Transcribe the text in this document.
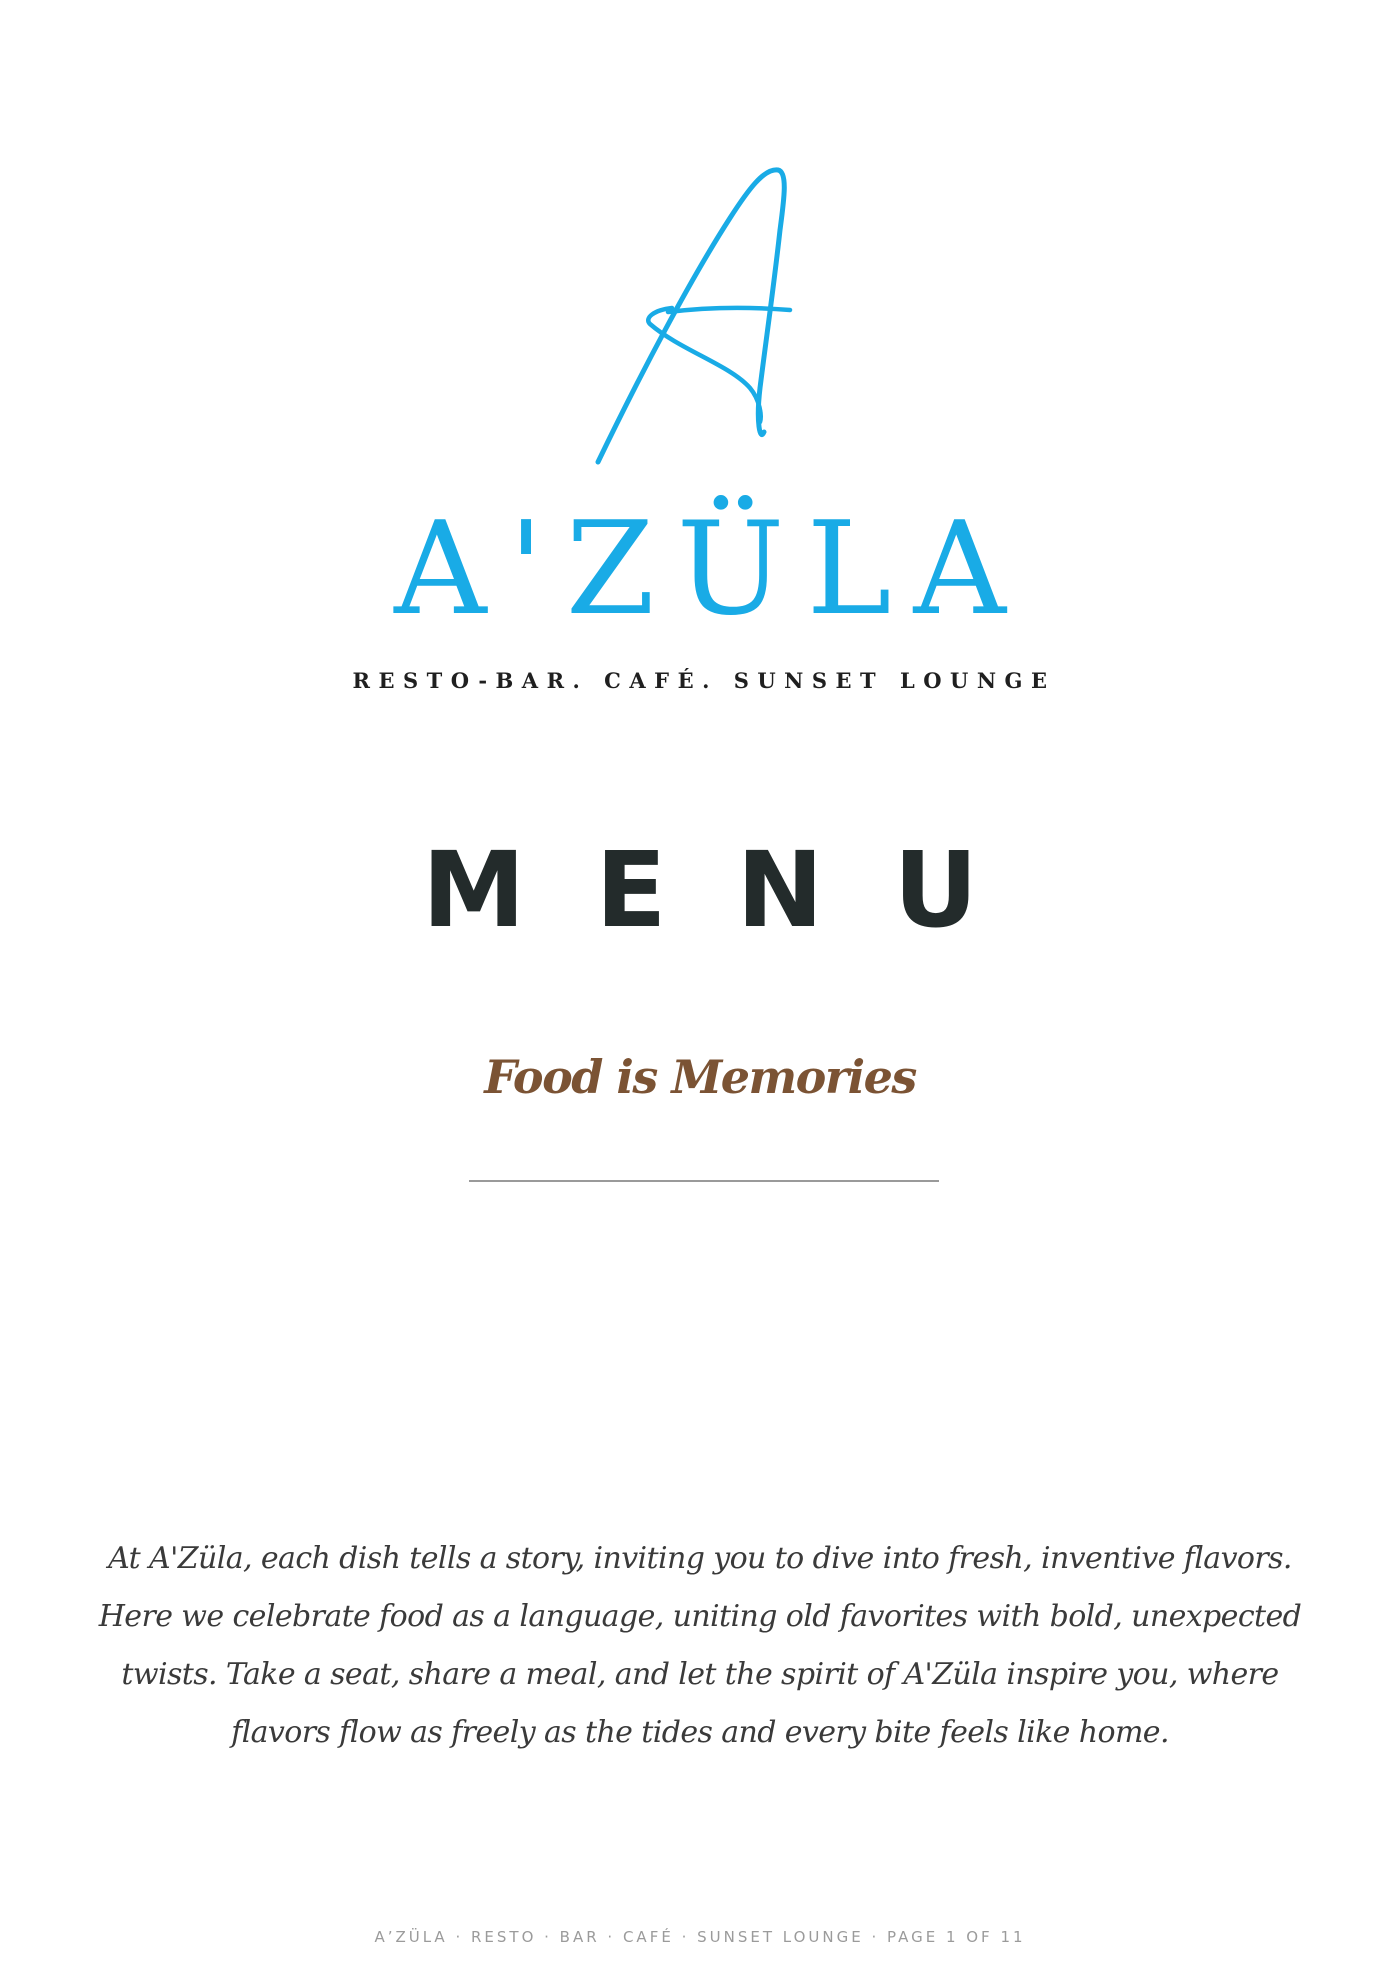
A'ZÜLA
RESTO-BAR. CAFÉ. SUNSET LOUNGE
MENU
Food is Memories

At A'Züla, each dish tells a story, inviting you to dive into fresh, inventive flavors. Here we celebrate food as a language, uniting old favorites with bold, unexpected twists. Take a seat, share a meal, and let the spirit of A'Züla inspire you, where flavors flow as freely as the tides and every bite feels like home.

A’ZÜLA · RESTO · BAR · CAFÉ · SUNSET LOUNGE · PAGE 1 OF 11
